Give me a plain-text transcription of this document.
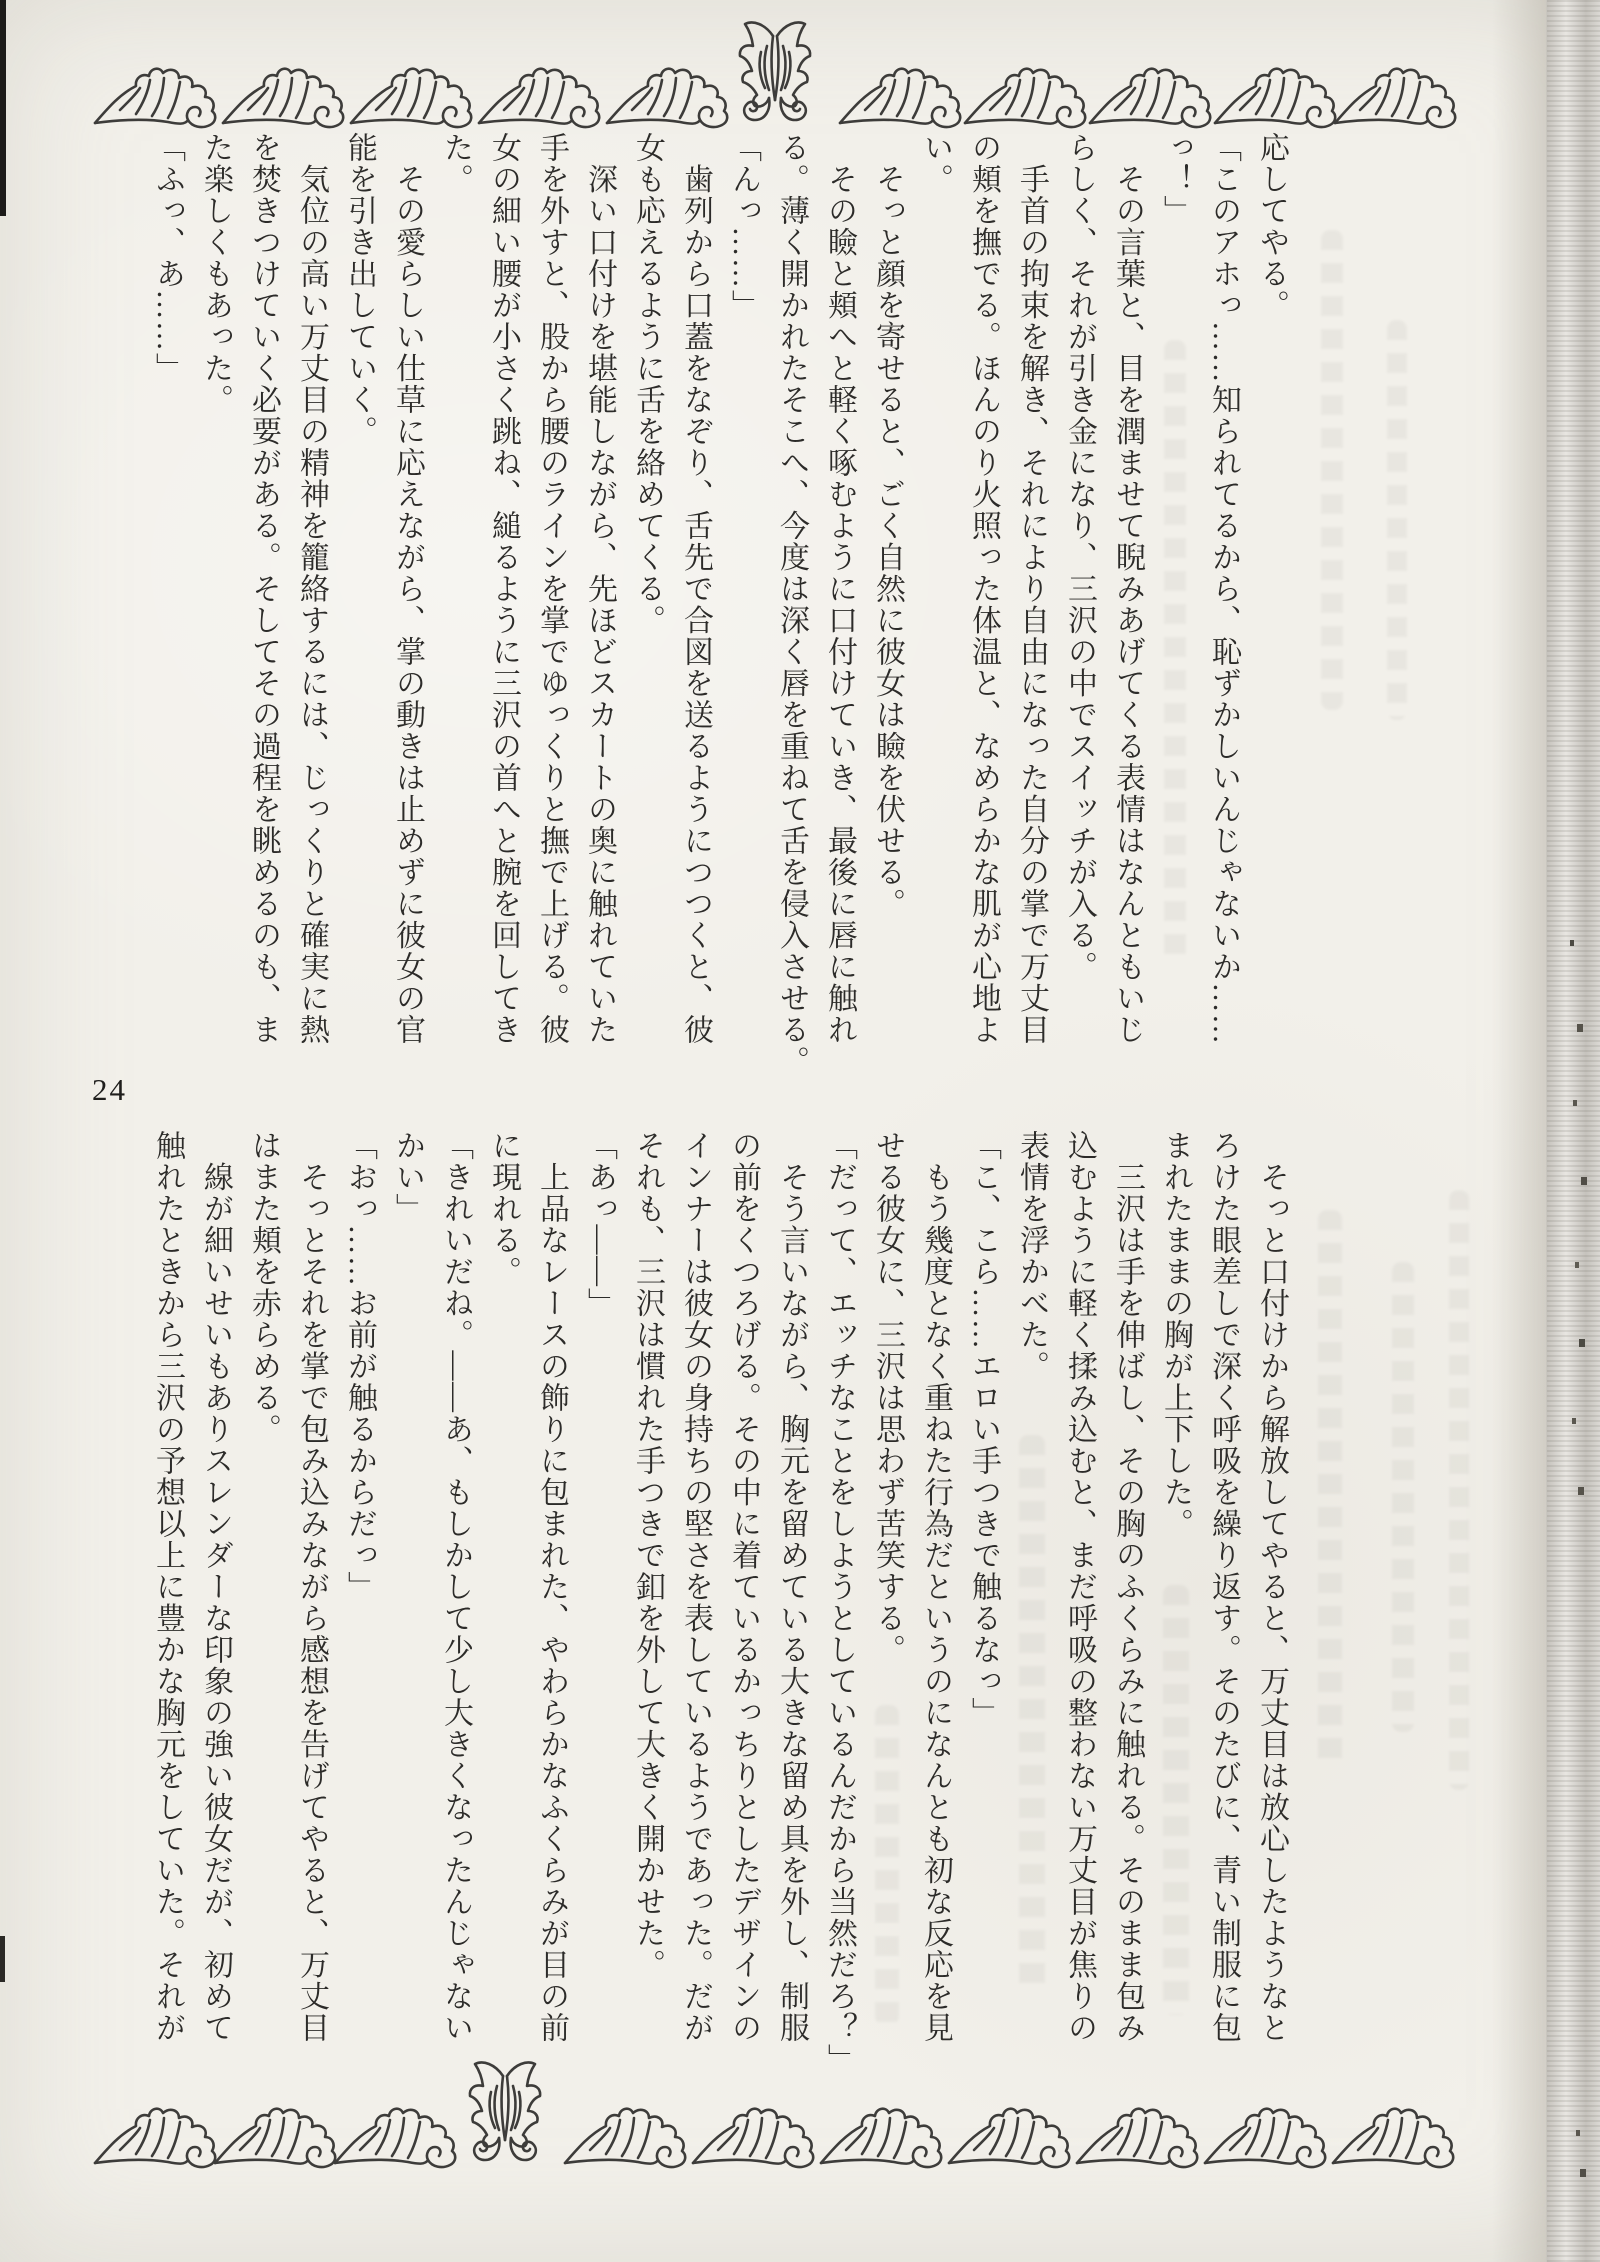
24
応してやる。
「このアホっ……知られてるから、恥ずかしいんじゃないか……
っ！」
　その言葉と、目を潤ませて睨みあげてくる表情はなんともいじ
らしく、それが引き金になり、三沢の中でスイッチが入る。
　手首の拘束を解き、それにより自由になった自分の掌で万丈目
の頬を撫でる。ほんのり火照った体温と、なめらかな肌が心地よ
い。
　そっと顔を寄せると、ごく自然に彼女は瞼を伏せる。
　その瞼と頬へと軽く啄むように口付けていき、最後に唇に触れ
る。薄く開かれたそこへ、今度は深く唇を重ねて舌を侵入させる。
「んっ……」
　歯列から口蓋をなぞり、舌先で合図を送るようにつつくと、彼
女も応えるように舌を絡めてくる。
　深い口付けを堪能しながら、先ほどスカートの奥に触れていた
手を外すと、股から腰のラインを掌でゆっくりと撫で上げる。彼
女の細い腰が小さく跳ね、縋るように三沢の首へと腕を回してき
た。
　その愛らしい仕草に応えながら、掌の動きは止めずに彼女の官
能を引き出していく。
　気位の高い万丈目の精神を籠絡するには、じっくりと確実に熱
を焚きつけていく必要がある。そしてその過程を眺めるのも、ま
た楽しくもあった。
「ふっ、あ……」
　そっと口付けから解放してやると、万丈目は放心したようなと
ろけた眼差しで深く呼吸を繰り返す。そのたびに、青い制服に包
まれたままの胸が上下した。
　三沢は手を伸ばし、その胸のふくらみに触れる。そのまま包み
込むように軽く揉み込むと、まだ呼吸の整わない万丈目が焦りの
表情を浮かべた。
「こ、こら……エロい手つきで触るなっ」
　もう幾度となく重ねた行為だというのになんとも初な反応を見
せる彼女に、三沢は思わず苦笑する。
「だって、エッチなことをしようとしているんだから当然だろ？」
　そう言いながら、胸元を留めている大きな留め具を外し、制服
の前をくつろげる。その中に着ているかっちりとしたデザインの
インナーは彼女の身持ちの堅さを表しているようであった。だが
それも、三沢は慣れた手つきで釦を外して大きく開かせた。
「あっ——」
　上品なレースの飾りに包まれた、やわらかなふくらみが目の前
に現れる。
「きれいだね。——あ、もしかして少し大きくなったんじゃない
かい」
「おっ……お前が触るからだっ」
　そっとそれを掌で包み込みながら感想を告げてやると、万丈目
はまた頬を赤らめる。
　線が細いせいもありスレンダーな印象の強い彼女だが、初めて
触れたときから三沢の予想以上に豊かな胸元をしていた。それが
